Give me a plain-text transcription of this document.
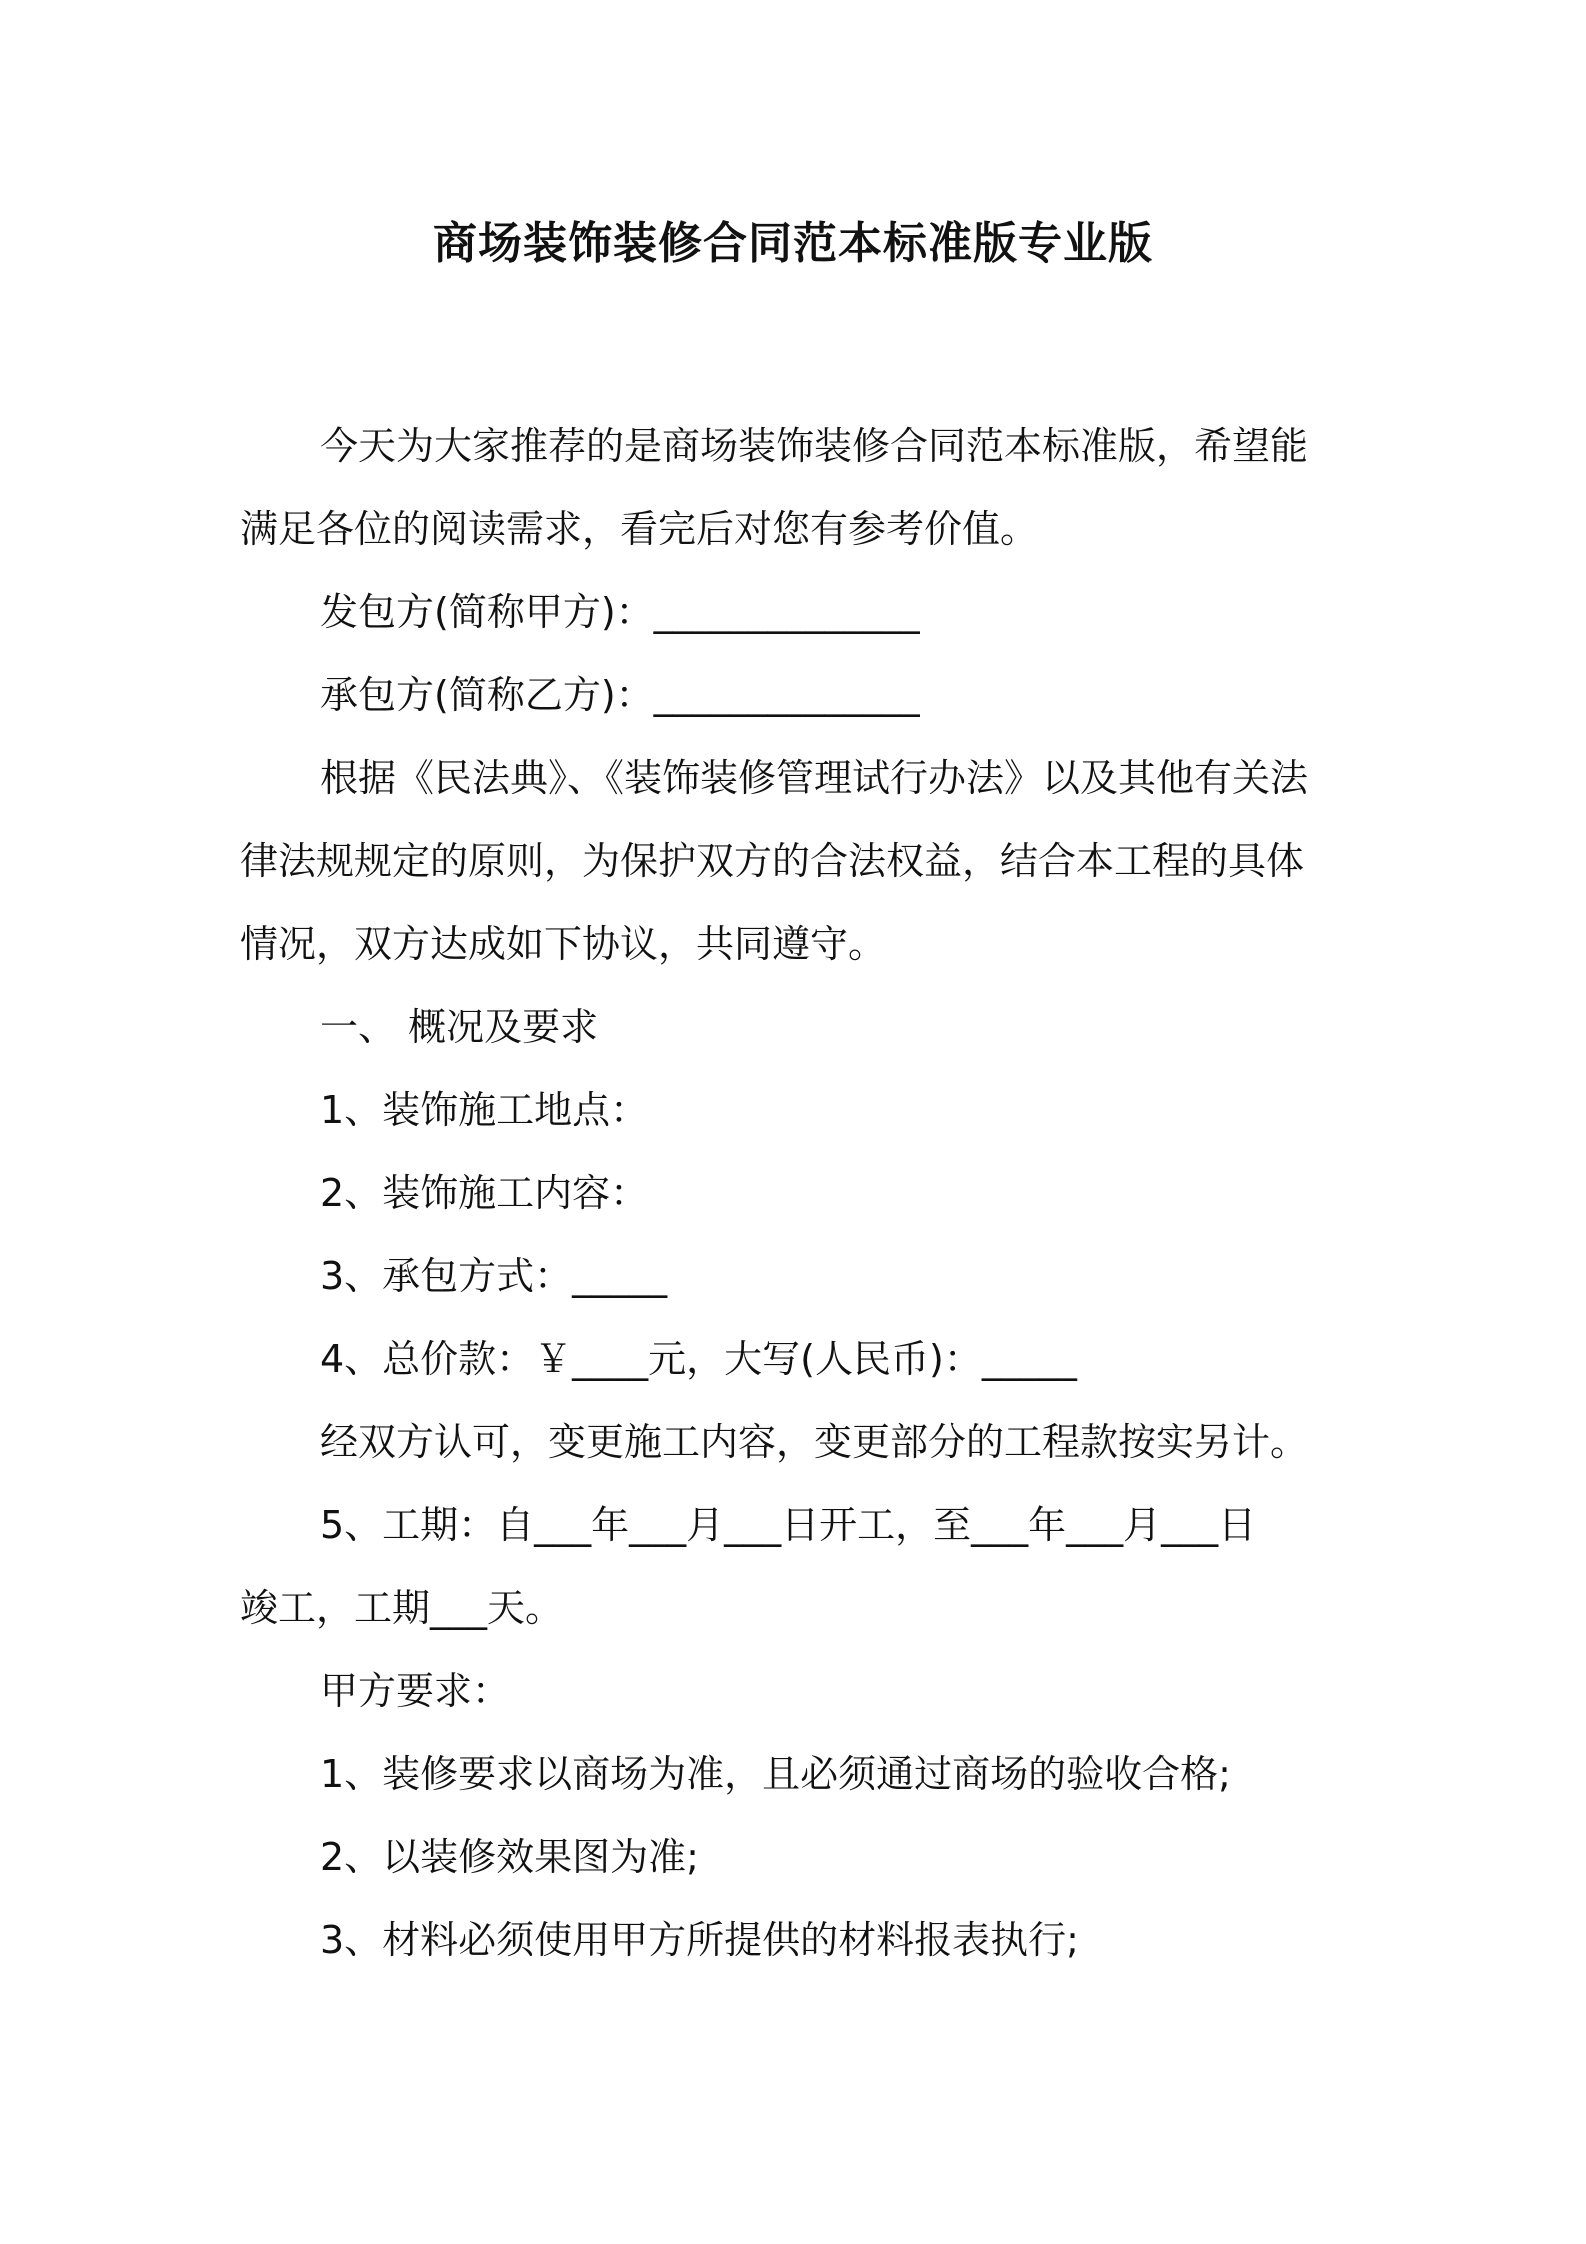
商场装饰装修合同范本标准版专业版
今天为大家推荐的是商场装饰装修合同范本标准版，希望能
满足各位的阅读需求，看完后对您有参考价值。
发包方(简称甲方)：______________
承包方(简称乙方)：______________
根据《民法典》、《装饰装修管理试行办法》以及其他有关法
律法规规定的原则，为保护双方的合法权益，结合本工程的具体
情况，双方达成如下协议，共同遵守。
一、 概况及要求
1、装饰施工地点：
2、装饰施工内容：
3、承包方式：_____
4、总价款：￥____元，大写(人民币)：_____
经双方认可，变更施工内容，变更部分的工程款按实另计。
5、工期：自___年___月___日开工，至___年___月___日
竣工，工期___天。
甲方要求：
1、装修要求以商场为准，且必须通过商场的验收合格;
2、以装修效果图为准;
3、材料必须使用甲方所提供的材料报表执行;
